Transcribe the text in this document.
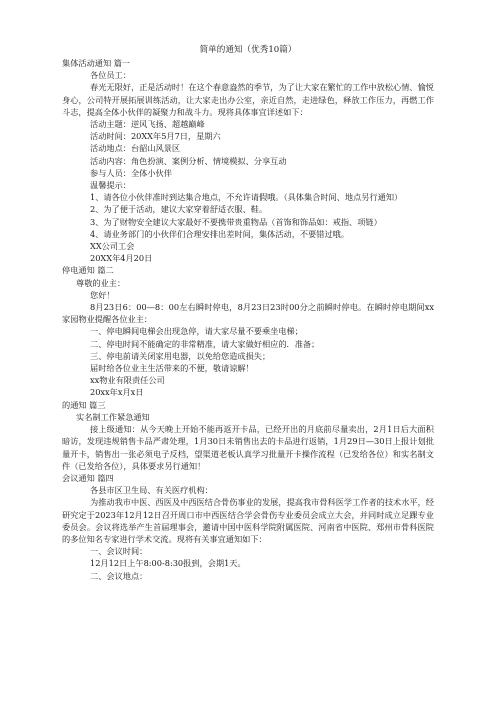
简单的通知（优秀10篇）
集体活动通知 篇一
各位员工：
春光无限好，正是活动时！在这个春意盎然的季节，为了让大家在繁忙的工作中放松心情、愉悦身心，公司特开展拓展训练活动，让大家走出办公室，亲近自然，走进绿色，释放工作压力，再燃工作斗志，提高全体小伙伴的凝聚力和战斗力。现将具体事宜详述如下：
活动主题：逆风飞扬、超越巅峰
活动时间：20XX年5月7日，星期六
活动地点：台韶山风景区
活动内容：角色扮演、案例分析、情境模拟、分享互动
参与人员：全体小伙伴
温馨提示：
1、请各位小伙伴准时到达集合地点，不允许请假哦。（具体集合时间、地点另行通知）
2、为了便于活动，建议大家穿着舒适衣服、鞋。
3、为了财物安全建议大家最好不要携带贵重物品（首饰和饰品如：戒指、项链）
4、请业务部门的小伙伴们合理安排出差时间，集体活动，不要错过哦。
XX公司工会
20XX年4月20日
停电通知 篇二
尊敬的业主：
您好！
8月23日6：00—8：00左右瞬时停电，8月23日23时00分之前瞬时停电。在瞬时停电期间xx家园物业提醒各位业主：
一、停电瞬间电梯会出现急停，请大家尽量不要乘坐电梯；
二、停电时间不能确定的非常精准，请大家做好相应的．准备；
三、停电前请关闭家用电器，以免给您造成损失；
届时给各位业主生活带来的不便，敬请谅解！
xx物业有限责任公司
20xx年x月x日
的通知 篇三
实名制工作紧急通知
接上级通知：从今天晚上开始不能再返开卡品，已经开出的月底前尽量卖出，2月1日后大面积暗访，发现违规销售卡品严肃处理，1月30日未销售出去的卡品进行返销，1月29日—30日上报计划批量开卡，销售出一张必须电子反档，望渠道老板认真学习批量开卡操作流程（已发给各位）和实名制文件（已发给各位），具体要求另行通知！
会议通知 篇四
各县市区卫生局、有关医疗机构：
为推动我市中医、西医及中西医结合骨伤事业的发展，提高我市骨科医学工作者的技术水平，经研究定于2023年12月12日召开周口市中西医结合学会骨伤专业委员会成立大会，并同时成立足踝专业委员会。会议将选举产生首届理事会，邀请中国中医科学院附属医院、河南省中医院、郑州市骨科医院的多位知名专家进行学术交流。现将有关事宜通知如下：
一、会议时间：
12月12日上午8:00-8:30报到，会期1天。
二、会议地点：
